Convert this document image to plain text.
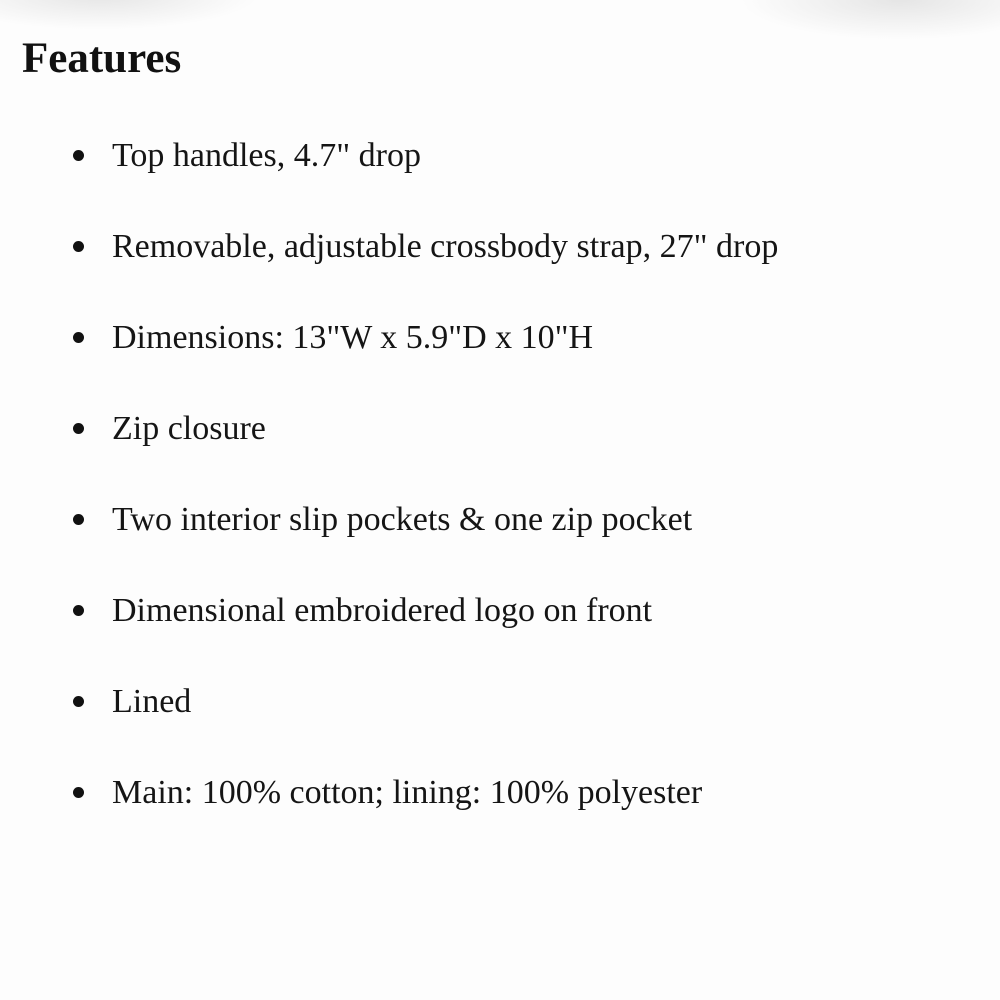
Features
Top handles, 4.7" drop
Removable, adjustable crossbody strap, 27" drop
Dimensions: 13"W x 5.9"D x 10"H
Zip closure
Two interior slip pockets & one zip pocket
Dimensional embroidered logo on front
Lined
Main: 100% cotton; lining: 100% polyester
